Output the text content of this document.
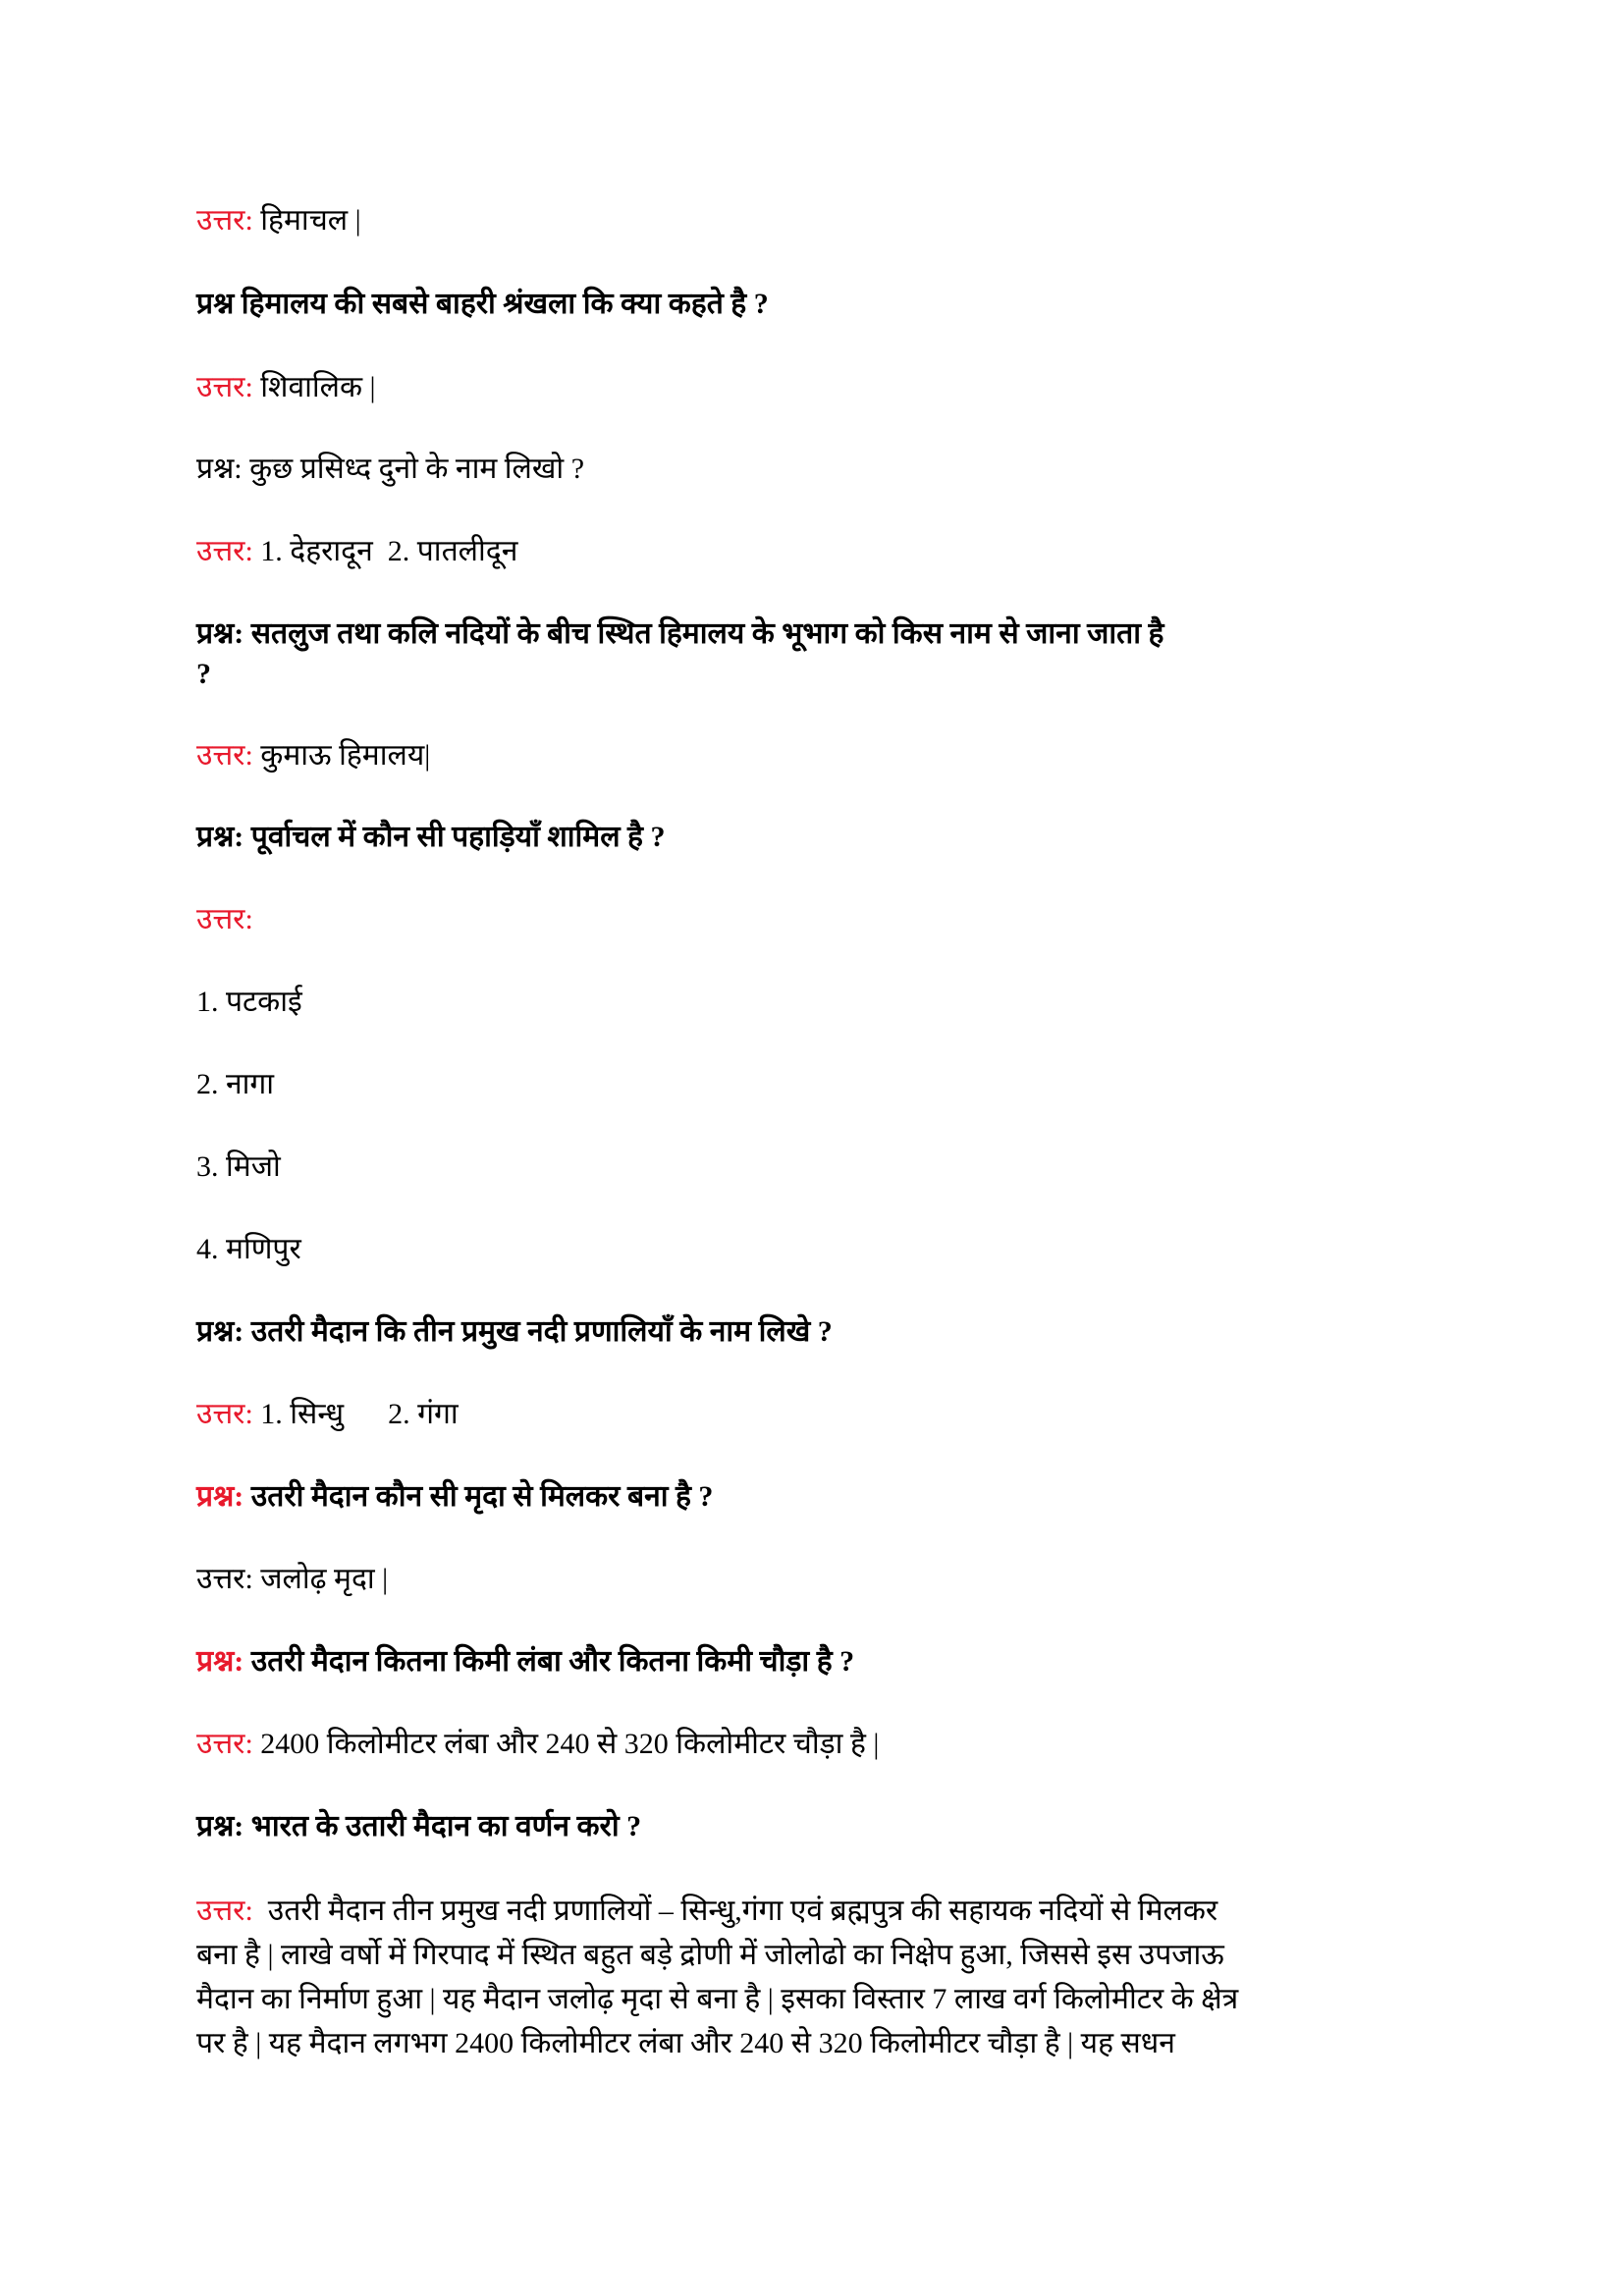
उत्तर: हिमाचल |
प्रश्न हिमालय की सबसे बाहरी श्रंखला कि क्या कहते है ?
उत्तर: शिवालिक |
प्रश्न: कुछ प्रसिध्द दुनो के नाम लिखो ?
उत्तर: 1. देहरादून  2. पातलीदून
प्रश्न: सतलुज तथा कलि नदियों के बीच स्थित हिमालय के भूभाग को किस नाम से जाना जाता है
?
उत्तर: कुमाऊ हिमालय|
प्रश्न: पूर्वाचल में कौन सी पहाड़ियाँ शामिल है ?
उत्तर:
1. पटकाई
2. नागा
3. मिजो
4. मणिपुर
प्रश्न: उतरी मैदान कि तीन प्रमुख नदी प्रणालियाँ के नाम लिखे ?
उत्तर: 1. सिन्धु      2. गंगा
प्रश्न: उतरी मैदान कौन सी मृदा से मिलकर बना है ?
उत्तर: जलोढ़ मृदा |
प्रश्न: उतरी मैदान कितना किमी लंबा और कितना किमी चौड़ा है ?
उत्तर: 2400 किलोमीटर लंबा और 240 से 320 किलोमीटर चौड़ा है |
प्रश्न: भारत के उतारी मैदान का वर्णन करो ?
उत्तर:  उतरी मैदान तीन प्रमुख नदी प्रणालियों – सिन्धु,गंगा एवं ब्रह्मपुत्र की सहायक नदियों से मिलकर
बना है | लाखे वर्षो में गिरपाद में स्थित बहुत बड़े द्रोणी में जोलोढो का निक्षेप हुआ, जिससे इस उपजाऊ
मैदान का निर्माण हुआ | यह मैदान जलोढ़ मृदा से बना है | इसका विस्तार 7 लाख वर्ग किलोमीटर के क्षेत्र
पर है | यह मैदान लगभग 2400 किलोमीटर लंबा और 240 से 320 किलोमीटर चौड़ा है | यह सधन
